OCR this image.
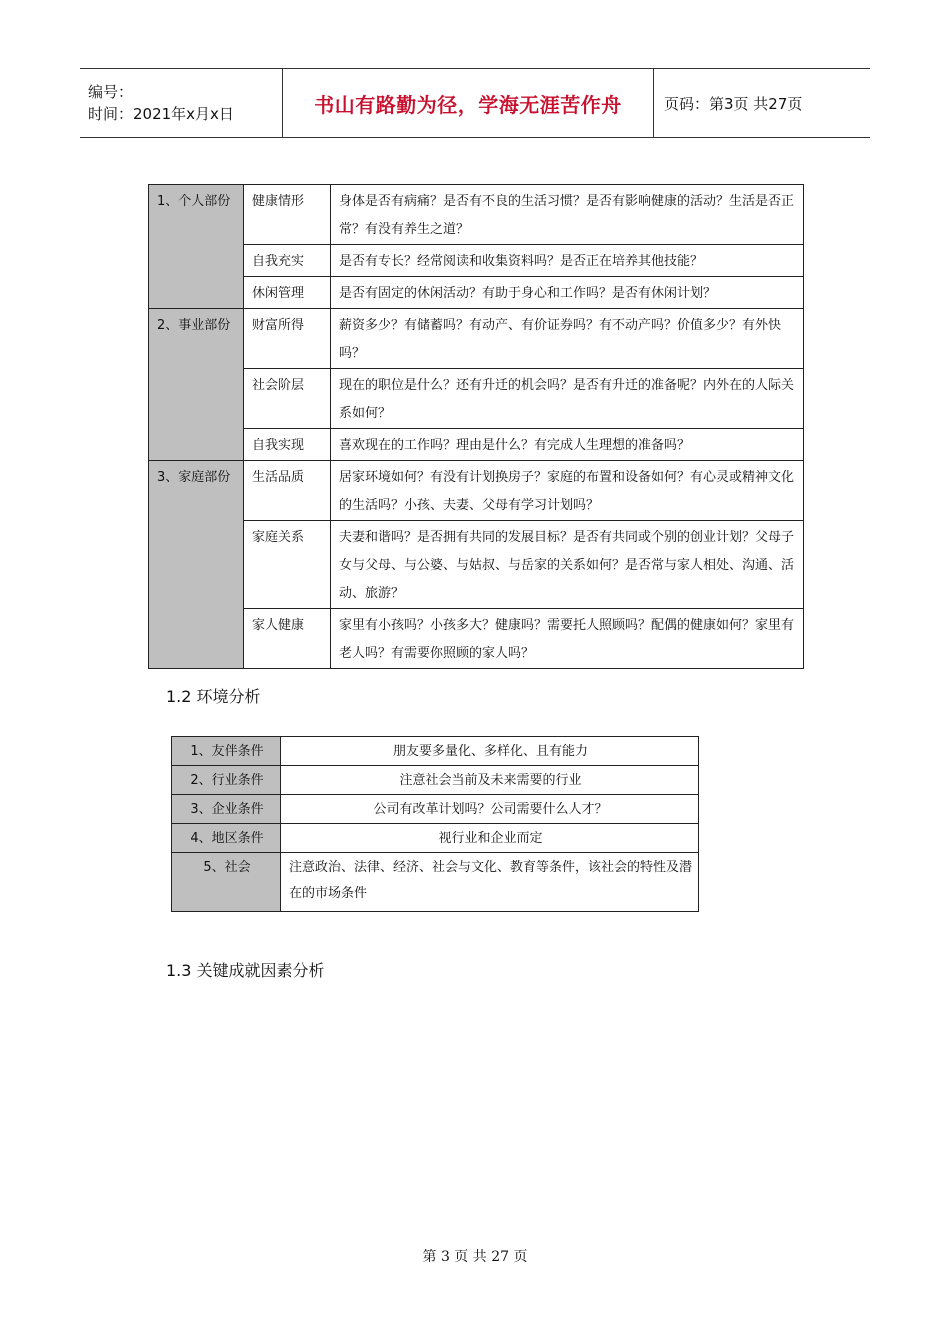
编号：
时间：2021年x月x日	书山有路勤为径，学海无涯苦作舟	页码：第3页 共27页
1、个人部份	健康情形	身体是否有病痛？是否有不良的生活习惯？是否有影响健康的活动？生活是否正常？有没有养生之道？
	自我充实	是否有专长？经常阅读和收集资料吗？是否正在培养其他技能？
	休闲管理	是否有固定的休闲活动？有助于身心和工作吗？是否有休闲计划？
2、事业部份	财富所得	薪资多少？有储蓄吗？有动产、有价证券吗？有不动产吗？价值多少？有外快吗？
	社会阶层	现在的职位是什么？还有升迁的机会吗？是否有升迁的准备呢？内外在的人际关系如何？
	自我实现	喜欢现在的工作吗？理由是什么？有完成人生理想的准备吗？
3、家庭部份	生活品质	居家环境如何？有没有计划换房子？家庭的布置和设备如何？有心灵或精神文化的生活吗？小孩、夫妻、父母有学习计划吗？
	家庭关系	夫妻和谐吗？是否拥有共同的发展目标？是否有共同或个别的创业计划？父母子女与父母、与公婆、与姑叔、与岳家的关系如何？是否常与家人相处、沟通、活动、旅游？
	家人健康	家里有小孩吗？小孩多大？健康吗？需要托人照顾吗？配偶的健康如何？家里有老人吗？有需要你照顾的家人吗？
1.2 环境分析
1、友伴条件	朋友要多量化、多样化、且有能力
2、行业条件	注意社会当前及未来需要的行业
3、企业条件	公司有改革计划吗？公司需要什么人才？
4、地区条件	视行业和企业而定
5、社会	注意政治、法律、经济、社会与文化、教育等条件，该社会的特性及潜在的市场条件
1.3 关键成就因素分析
第 3 页 共 27 页
